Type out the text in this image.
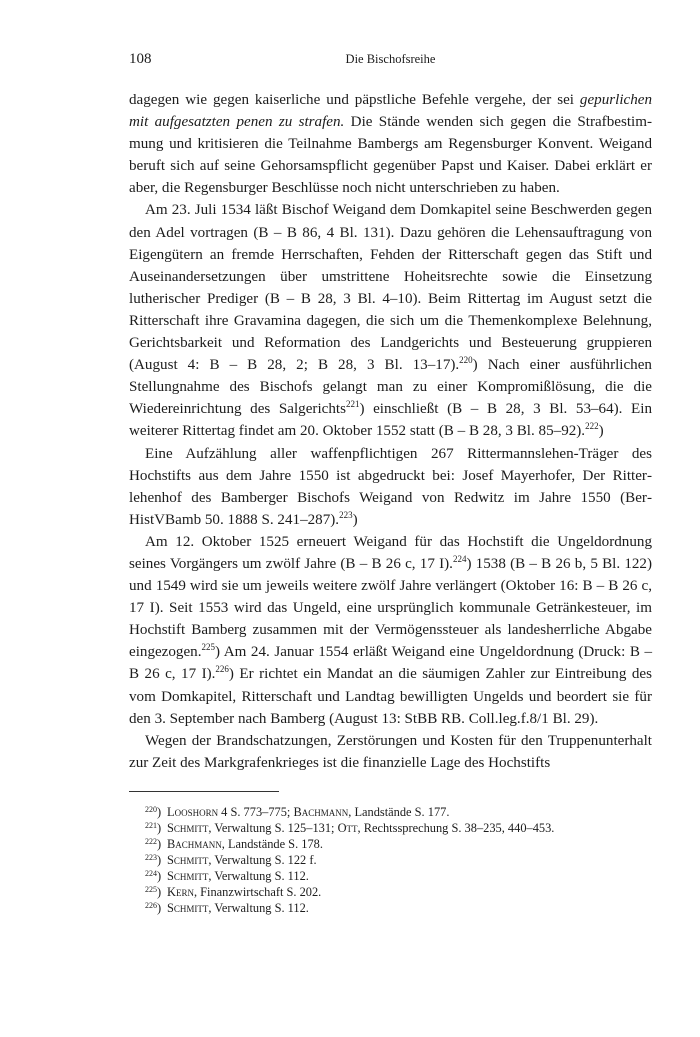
108	Die Bischofsreihe

dagegen wie gegen kaiserliche und päpstliche Befehle vergehe, der sei gepurlichen mit aufgesatzten penen zu strafen. Die Stände wenden sich gegen die Strafbestimmung und kritisieren die Teilnahme Bambergs am Regensburger Konvent. Weigand beruft sich auf seine Gehorsamspflicht gegenüber Papst und Kaiser. Dabei erklärt er aber, die Regensburger Beschlüsse noch nicht unterschrieben zu haben.

Am 23. Juli 1534 läßt Bischof Weigand dem Domkapitel seine Beschwerden gegen den Adel vortragen (B – B 86, 4 Bl. 131). Dazu gehören die Lehensauftragung von Eigengütern an fremde Herrschaften, Fehden der Ritterschaft gegen das Stift und Auseinandersetzungen über umstrittene Hoheitsrechte sowie die Einsetzung lutherischer Prediger (B – B 28, 3 Bl. 4–10). Beim Rittertag im August setzt die Ritterschaft ihre Gravamina dagegen, die sich um die Themenkomplexe Belehnung, Gerichtsbarkeit und Reformation des Landgerichts und Besteuerung gruppieren (August 4: B – B 28, 2; B 28, 3 Bl. 13–17).$^{220}$) Nach einer ausführlichen Stellungnahme des Bischofs gelangt man zu einer Kompromißlösung, die die Wiedereinrichtung des Salgerichts$^{221}$) einschließt (B – B 28, 3 Bl. 53–64). Ein weiterer Rittertag findet am 20. Oktober 1552 statt (B – B 28, 3 Bl. 85–92).$^{222}$)

Eine Aufzählung aller waffenpflichtigen 267 Rittermannslehen-Träger des Hochstifts aus dem Jahre 1550 ist abgedruckt bei: Josef Mayerhofer, Der Ritterlehenhof des Bamberger Bischofs Weigand von Redwitz im Jahre 1550 (BerHistVBamb 50. 1888 S. 241–287).$^{223}$)

Am 12. Oktober 1525 erneuert Weigand für das Hochstift die Ungeldordnung seines Vorgängers um zwölf Jahre (B – B 26 c, 17 I).$^{224}$) 1538 (B – B 26 b, 5 Bl. 122) und 1549 wird sie um jeweils weitere zwölf Jahre verlängert (Oktober 16: B – B 26 c, 17 I). Seit 1553 wird das Ungeld, eine ursprünglich kommunale Getränkesteuer, im Hochstift Bamberg zusammen mit der Vermögenssteuer als landesherrliche Abgabe eingezogen.$^{225}$) Am 24. Januar 1554 erläßt Weigand eine Ungeldordnung (Druck: B – B 26 c, 17 I).$^{226}$) Er richtet ein Mandat an die säumigen Zahler zur Eintreibung des vom Domkapitel, Ritterschaft und Landtag bewilligten Ungelds und beordert sie für den 3. September nach Bamberg (August 13: StBB RB. Coll.leg.f.8/1 Bl. 29).

Wegen der Brandschatzungen, Zerstörungen und Kosten für den Truppenunterhalt zur Zeit des Markgrafenkrieges ist die finanzielle Lage des Hochstifts

$^{220}$) Looshorn 4 S. 773–775; Bachmann, Landstände S. 177.
$^{221}$) Schmitt, Verwaltung S. 125–131; Ott, Rechtssprechung S. 38–235, 440–453.
$^{222}$) Bachmann, Landstände S. 178.
$^{223}$) Schmitt, Verwaltung S. 122 f.
$^{224}$) Schmitt, Verwaltung S. 112.
$^{225}$) Kern, Finanzwirtschaft S. 202.
$^{226}$) Schmitt, Verwaltung S. 112.
